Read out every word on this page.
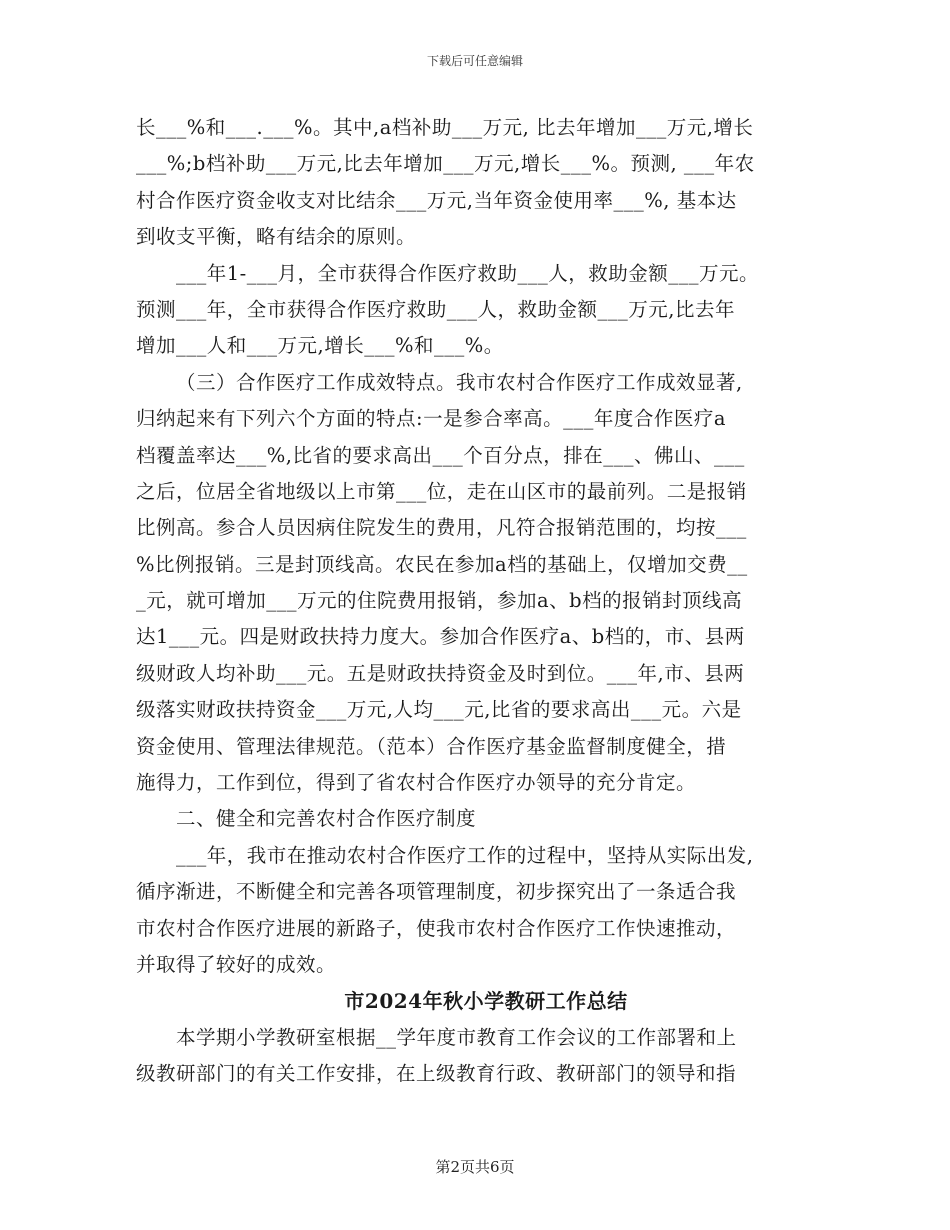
下载后可任意编辑
长___%和___.___%。其中,a档补助___万元, 比去年增加___万元,增长
___%;b档补助___万元,比去年增加___万元,增长___%。预测, ___年农
村合作医疗资金收支对比结余___万元,当年资金使用率___%, 基本达
到收支平衡，略有结余的原则。
___年1-___月，全市获得合作医疗救助___人，救助金额___万元。
预测___年，全市获得合作医疗救助___人，救助金额___万元,比去年
增加___人和___万元,增长___%和___%。
（三）合作医疗工作成效特点。我市农村合作医疗工作成效显著,
归纳起来有下列六个方面的特点:一是参合率高。___年度合作医疗a
档覆盖率达___%,比省的要求高出___个百分点，排在___、佛山、___
之后，位居全省地级以上市第___位，走在山区市的最前列。二是报销
比例高。参合人员因病住院发生的费用，凡符合报销范围的，均按___
%比例报销。三是封顶线高。农民在参加a档的基础上，仅增加交费__
_元，就可增加___万元的住院费用报销，参加a、b档的报销封顶线高
达1___元。四是财政扶持力度大。参加合作医疗a、b档的，市、县两
级财政人均补助___元。五是财政扶持资金及时到位。___年,市、县两
级落实财政扶持资金___万元,人均___元,比省的要求高出___元。六是
资金使用、管理法律规范。（范本）合作医疗基金监督制度健全，措
施得力，工作到位，得到了省农村合作医疗办领导的充分肯定。
二、健全和完善农村合作医疗制度
___年，我市在推动农村合作医疗工作的过程中，坚持从实际出发,
循序渐进，不断健全和完善各项管理制度，初步探究出了一条适合我
市农村合作医疗进展的新路子，使我市农村合作医疗工作快速推动，
并取得了较好的成效。
市2024年秋小学教研工作总结
本学期小学教研室根据__学年度市教育工作会议的工作部署和上
级教研部门的有关工作安排，在上级教育行政、教研部门的领导和指
第2页共6页
